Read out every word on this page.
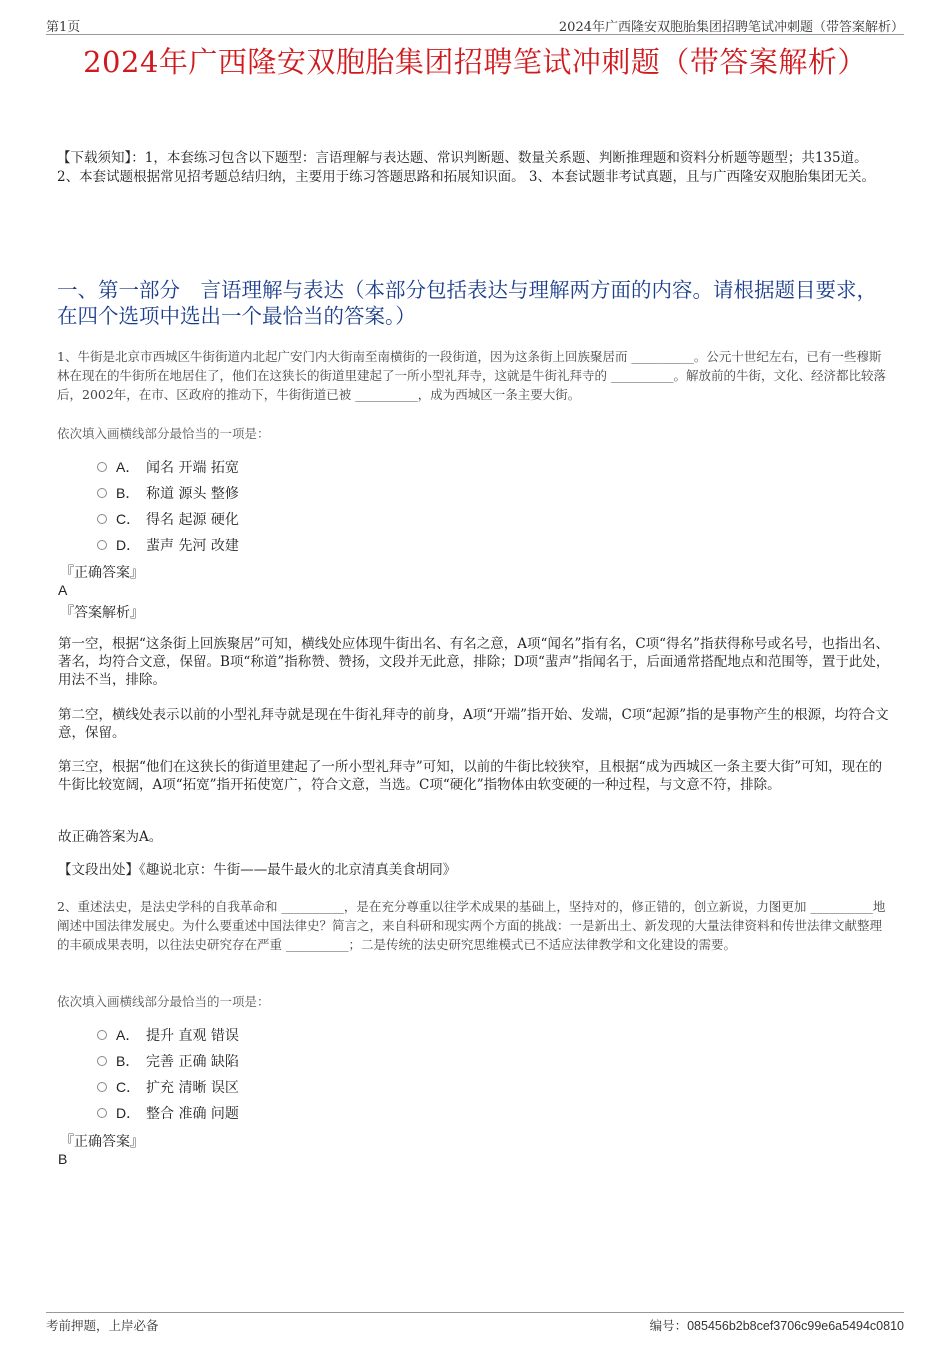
第1页	2024年广西隆安双胞胎集团招聘笔试冲刺题（带答案解析）
2024年广西隆安双胞胎集团招聘笔试冲刺题（带答案解析）
【下载须知】：1，本套练习包含以下题型：言语理解与表达题、常识判断题、数量关系题、判断推理题和资料分析题等题型；共135道。 2、本套试题根据常见招考题总结归纳，主要用于练习答题思路和拓展知识面。 3、本套试题非考试真题，且与广西隆安双胞胎集团无关。
一、第一部分　言语理解与表达（本部分包括表达与理解两方面的内容。请根据题目要求，在四个选项中选出一个最恰当的答案。）
1、牛街是北京市西城区牛街街道内北起广安门内大街南至南横街的一段街道，因为这条街上回族聚居而 __________。公元十世纪左右，已有一些穆斯林在现在的牛街所在地居住了，他们在这狭长的街道里建起了一所小型礼拜寺，这就是牛街礼拜寺的 __________。解放前的牛街，文化、经济都比较落后，2002年，在市、区政府的推动下，牛街街道已被 __________，成为西城区一条主要大街。
依次填入画横线部分最恰当的一项是：
A． 闻名 开端 拓宽
B． 称道 源头 整修
C． 得名 起源 硬化
D． 蜚声 先河 改建
『正确答案』
A
『答案解析』

第一空，根据“这条街上回族聚居”可知，横线处应体现牛街出名、有名之意，A项“闻名”指有名，C项“得名”指获得称号或名号，也指出名、著名，均符合文意，保留。B项“称道”指称赞、赞扬，文段并无此意，排除；D项“蜚声”指闻名于，后面通常搭配地点和范围等，置于此处，用法不当，排除。

第二空，横线处表示以前的小型礼拜寺就是现在牛街礼拜寺的前身，A项“开端”指开始、发端，C项“起源”指的是事物产生的根源，均符合文意，保留。

第三空，根据“他们在这狭长的街道里建起了一所小型礼拜寺”可知，以前的牛街比较狭窄，且根据“成为西城区一条主要大街”可知，现在的牛街比较宽阔，A项“拓宽”指开拓使宽广，符合文意，当选。C项“硬化”指物体由软变硬的一种过程，与文意不符，排除。

故正确答案为A。

【文段出处】《趣说北京：牛街——最牛最火的北京清真美食胡同》

2、重述法史，是法史学科的自我革命和 __________，是在充分尊重以往学术成果的基础上，坚持对的，修正错的，创立新说，力图更加 __________地阐述中国法律发展史。为什么要重述中国法律史？简言之，来自科研和现实两个方面的挑战：一是新出土、新发现的大量法律资料和传世法律文献整理的丰硕成果表明，以往法史研究存在严重 __________；二是传统的法史研究思维模式已不适应法律教学和文化建设的需要。
依次填入画横线部分最恰当的一项是：
A． 提升 直观 错误
B． 完善 正确 缺陷
C． 扩充 清晰 误区
D． 整合 准确 问题
『正确答案』
B
考前押题，上岸必备	编号：085456b2b8cef3706c99e6a5494c0810
